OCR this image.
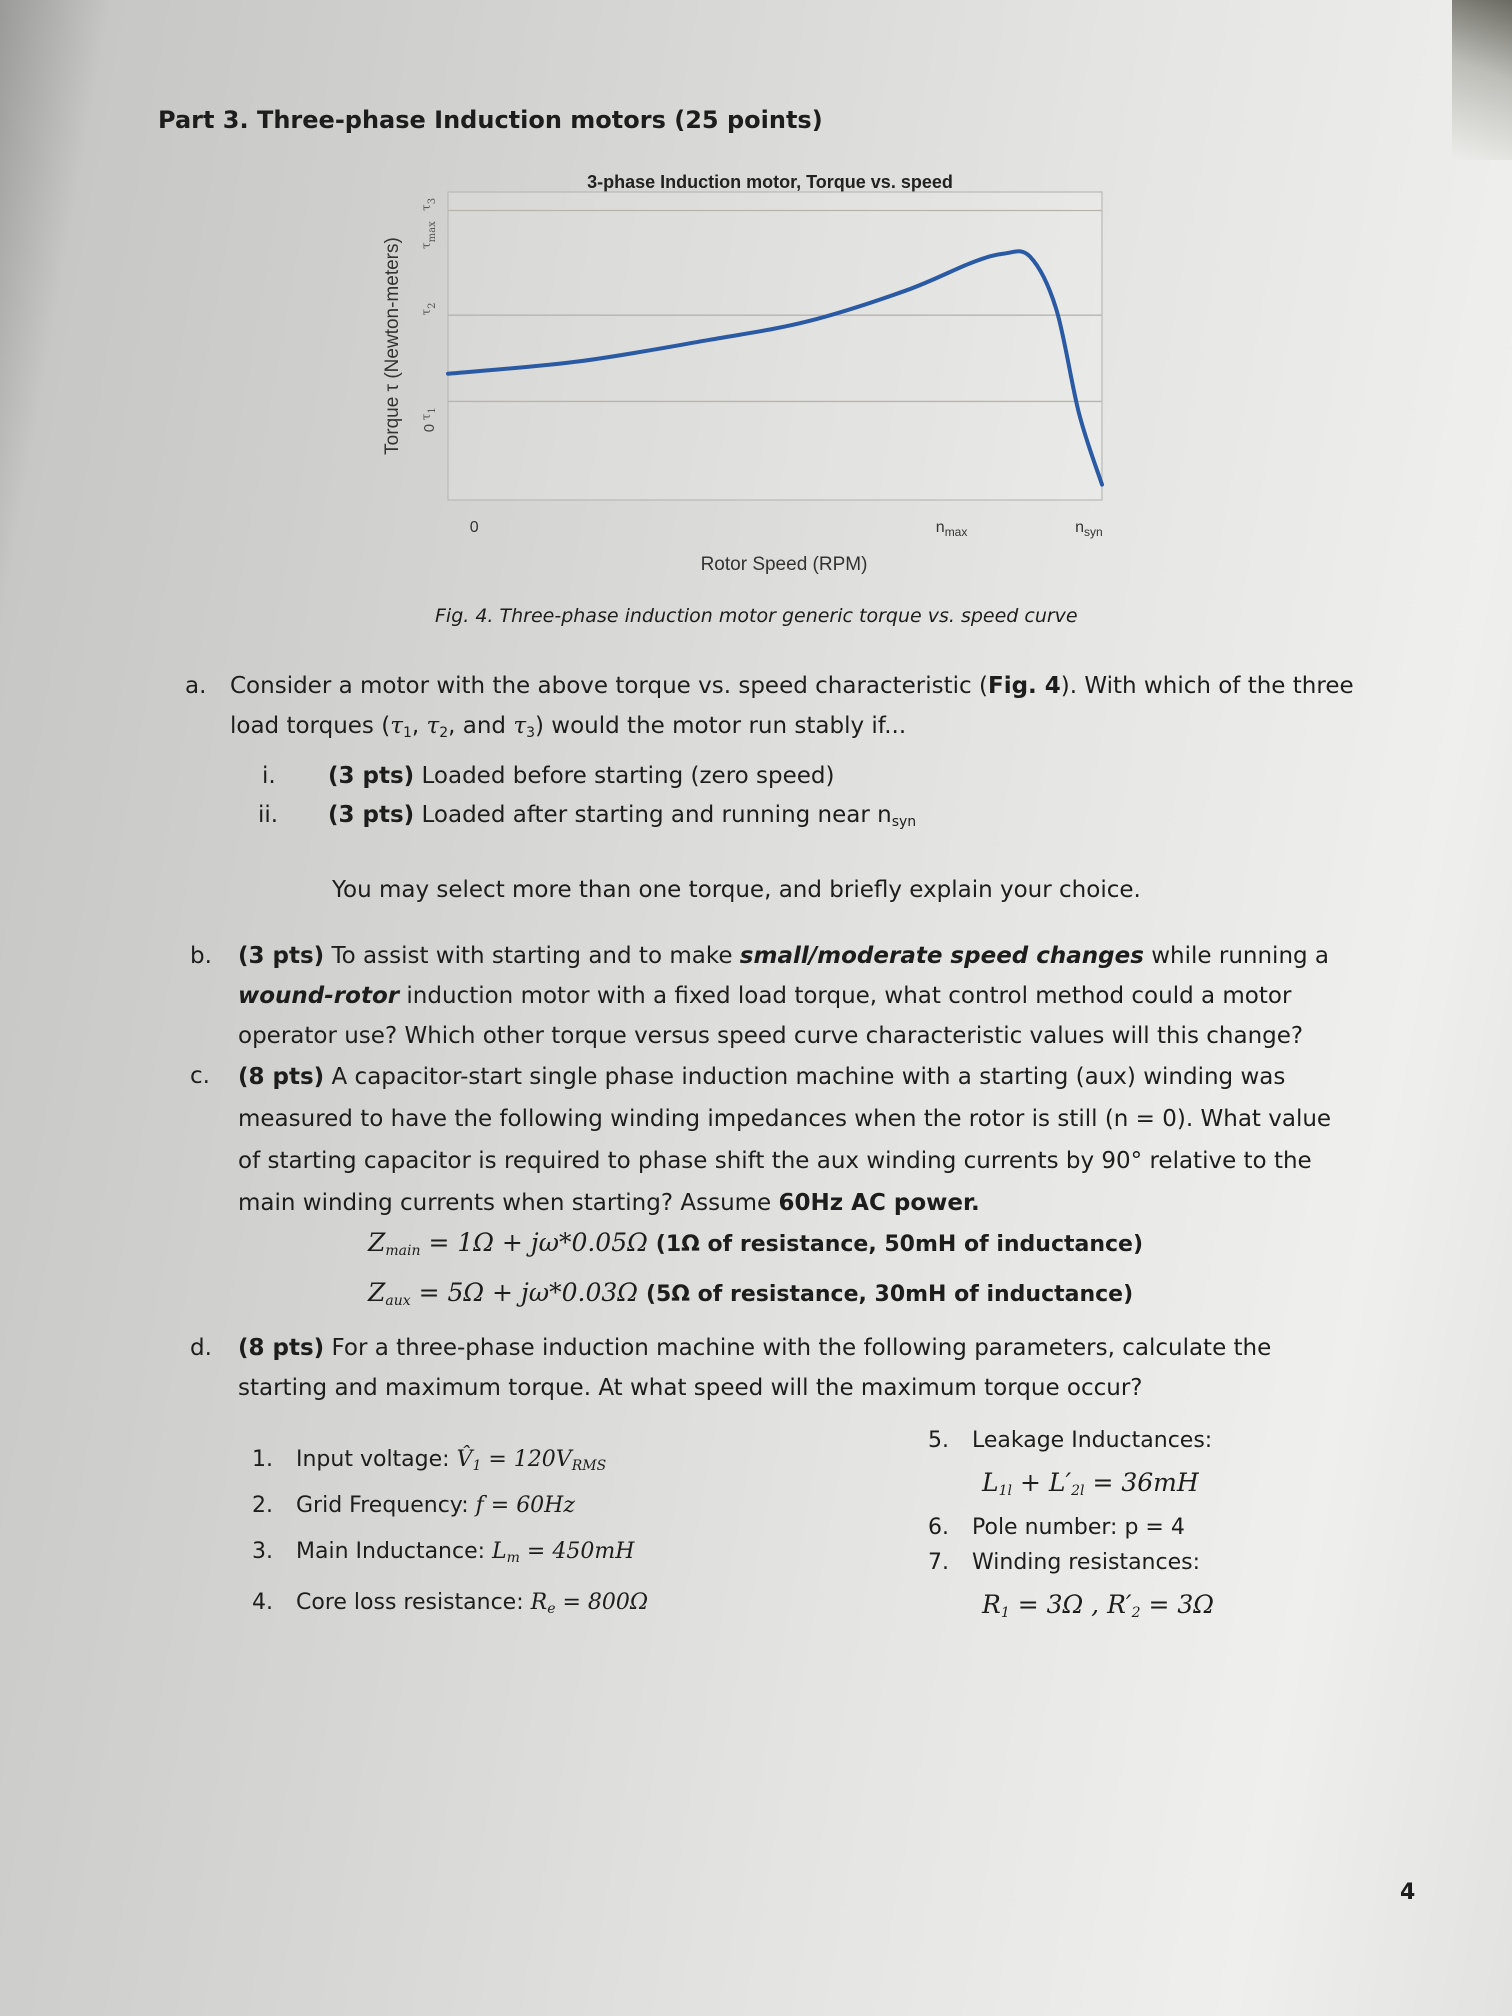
Part 3. Three-phase Induction motors (25 points)
3-phase Induction motor, Torque vs. speed
Torque τ (Newton-meters)
$\tau_3$
$\tau_{max}$
$\tau_2$
$\tau_1$
0
0	$n_{max}$	$n_{syn}$
Rotor Speed (RPM)
Fig. 4. Three-phase induction motor generic torque vs. speed curve
a. Consider a motor with the above torque vs. speed characteristic (Fig. 4). With which of the three
load torques ($\tau_1$, $\tau_2$, and $\tau_3$) would the motor run stably if...
i. (3 pts) Loaded before starting (zero speed)
ii. (3 pts) Loaded after starting and running near $n_{syn}$
You may select more than one torque, and briefly explain your choice.
b. (3 pts) To assist with starting and to make small/moderate speed changes while running a wound-rotor induction motor with a fixed load torque, what control method could a motor operator use? Which other torque versus speed curve characteristic values will this change?
c. (8 pts) A capacitor-start single phase induction machine with a starting (aux) winding was measured to have the following winding impedances when the rotor is still (n = 0). What value of starting capacitor is required to phase shift the aux winding currents by 90° relative to the main winding currents when starting? Assume 60Hz AC power.
$Z_{main} = 1\Omega + j\omega*0.05\Omega$ (1Ω of resistance, 50mH of inductance)
$Z_{aux} = 5\Omega + j\omega*0.03\Omega$ (5Ω of resistance, 30mH of inductance)
d. (8 pts) For a three-phase induction machine with the following parameters, calculate the starting and maximum torque. At what speed will the maximum torque occur?
1. Input voltage: $V̂_1 = 120V_{RMS}$
2. Grid Frequency: f = 60Hz
3. Main Inductance: $L_m = 450mH$
4. Core loss resistance: $R_e = 800\Omega$
5. Leakage Inductances:
$L_{1l} + L'_{2l} = 36mH$
6. Pole number: p = 4
7. Winding resistances:
$R_1 = 3\Omega$ , $R'_2 = 3\Omega$
4
